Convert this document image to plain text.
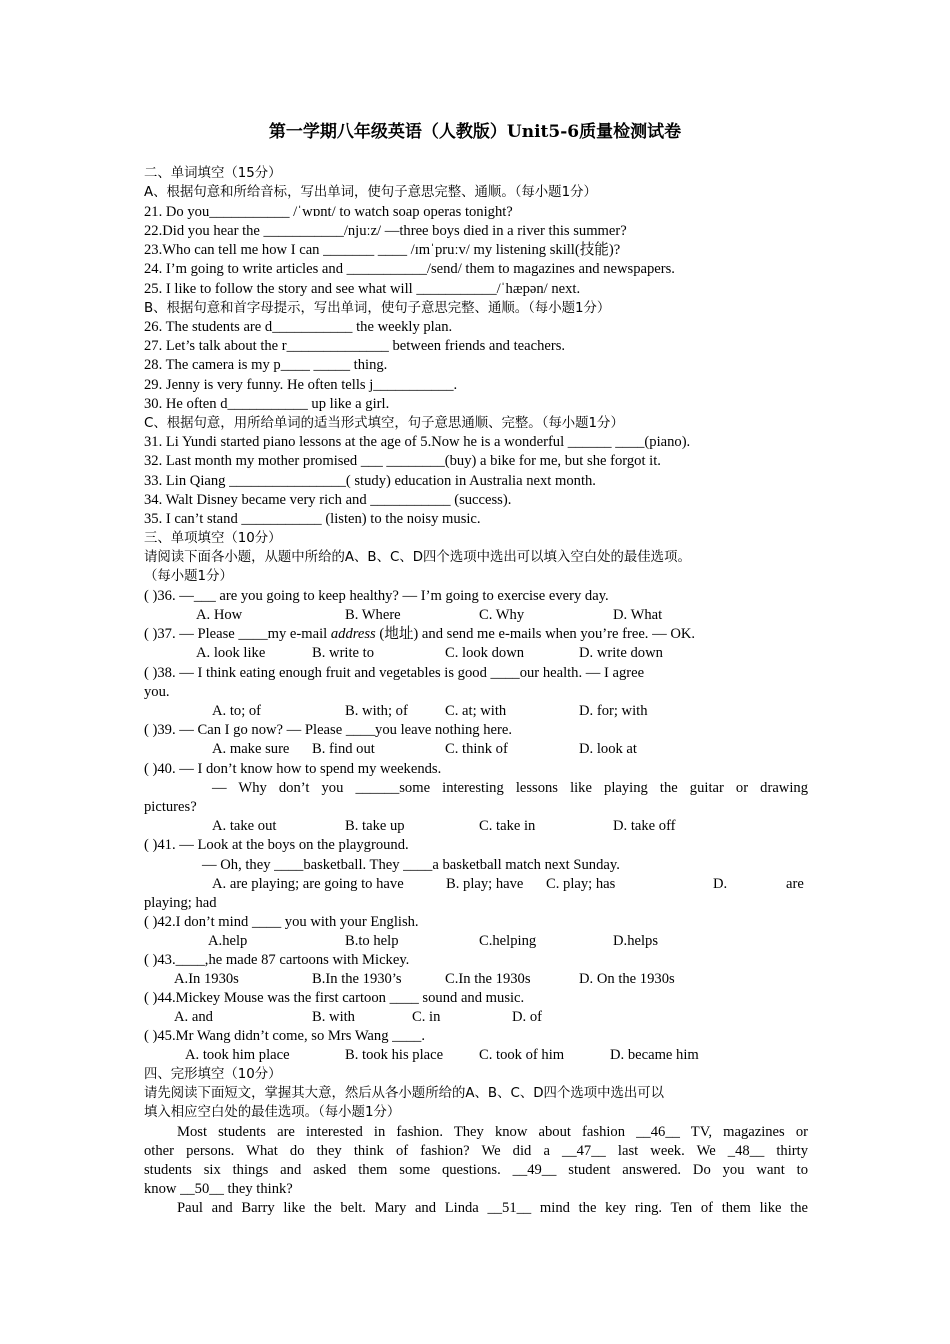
第一学期八年级英语（人教版）Unit5-6质量检测试卷
二、单词填空（15分）
A、根据句意和所给音标，写出单词，使句子意思完整、通顺。（每小题1分）
21. Do you___________ /ˈwɒnt/ to watch soap operas tonight?
22.Did you hear the ___________/njuːz/ —three boys died in a river this summer?
23.Who can tell me how I can _______ ____ /ɪmˈpruːv/ my listening skill(技能)?
24. I’m going to write articles and ___________/send/ them to magazines and newspapers.
25. I like to follow the story and see what will ___________/ˈhæpən/ next.
B、根据句意和首字母提示，写出单词，使句子意思完整、通顺。（每小题1分）
26. The students are d___________ the weekly plan.
27. Let’s talk about the r______________ between friends and teachers.
28. The camera is my p____ _____ thing.
29. Jenny is very funny. He often tells j___________.
30. He often d___________ up like a girl.
C、根据句意，用所给单词的适当形式填空，句子意思通顺、完整。（每小题1分）
31. Li Yundi started piano lessons at the age of 5.Now he is a wonderful ______ ____(piano).
32. Last month my mother promised ___ ________(buy) a bike for me, but she forgot it.
33. Lin Qiang ________________( study) education in Australia next month.
34. Walt Disney became very rich and ___________ (success).
35. I can’t stand ___________ (listen) to the noisy music.
三、单项填空（10分）
请阅读下面各小题，从题中所给的A、B、C、D四个选项中选出可以填入空白处的最佳选项。
（每小题1分）
( )36. —___ are you going to keep healthy? — I’m going to exercise every day.
A. How	B. Where	C. Why	D. What
( )37. — Please ____my e-mail address (地址) and send me e-mails when you’re free. — OK.
A. look like	B. write to	C. look down	D. write down
( )38. — I think eating enough fruit and vegetables is good ____our health. — I agree
you.
A. to; of	B. with; of	C. at; with	D. for; with
( )39. — Can I go now? — Please ____you leave nothing here.
A. make sure B. find out	C. think of	D. look at
( )40. — I don’t know how to spend my weekends.
— Why don’t you ______some interesting lessons like playing the guitar or drawing
pictures?
A. take out	B. take up	C. take in	D. take off
( )41. — Look at the boys on the playground.
— Oh, they ____basketball. They ____a basketball match next Sunday.
A. are playing; are going to have	B. play; have C. play; has	D.	are
playing; had
( )42.I don’t mind ____ you with your English.
A.help	B.to help	C.helping	D.helps
( )43.____,he made 87 cartoons with Mickey.
A.In 1930s	B.In the 1930’s	C.In the 1930s	D. On the 1930s
( )44.Mickey Mouse was the first cartoon ____ sound and music.
A. and	B. with	C. in	D. of
( )45.Mr Wang didn’t come, so Mrs Wang ____.
A. took him place	B. took his place C. took of him	D. became him
四、完形填空（10分）
请先阅读下面短文，掌握其大意，然后从各小题所给的A、B、C、D四个选项中选出可以
填入相应空白处的最佳选项。（每小题1分）
Most students are interested in fashion. They know about fashion __46__ TV, magazines or
other persons. What do they think of fashion? We did a __47__ last week. We _48__ thirty
students six things and asked them some questions. __49__ student answered. Do you want to
know __50__ they think?
Paul and Barry like the belt. Mary and Linda __51__ mind the key ring. Ten of them like the
